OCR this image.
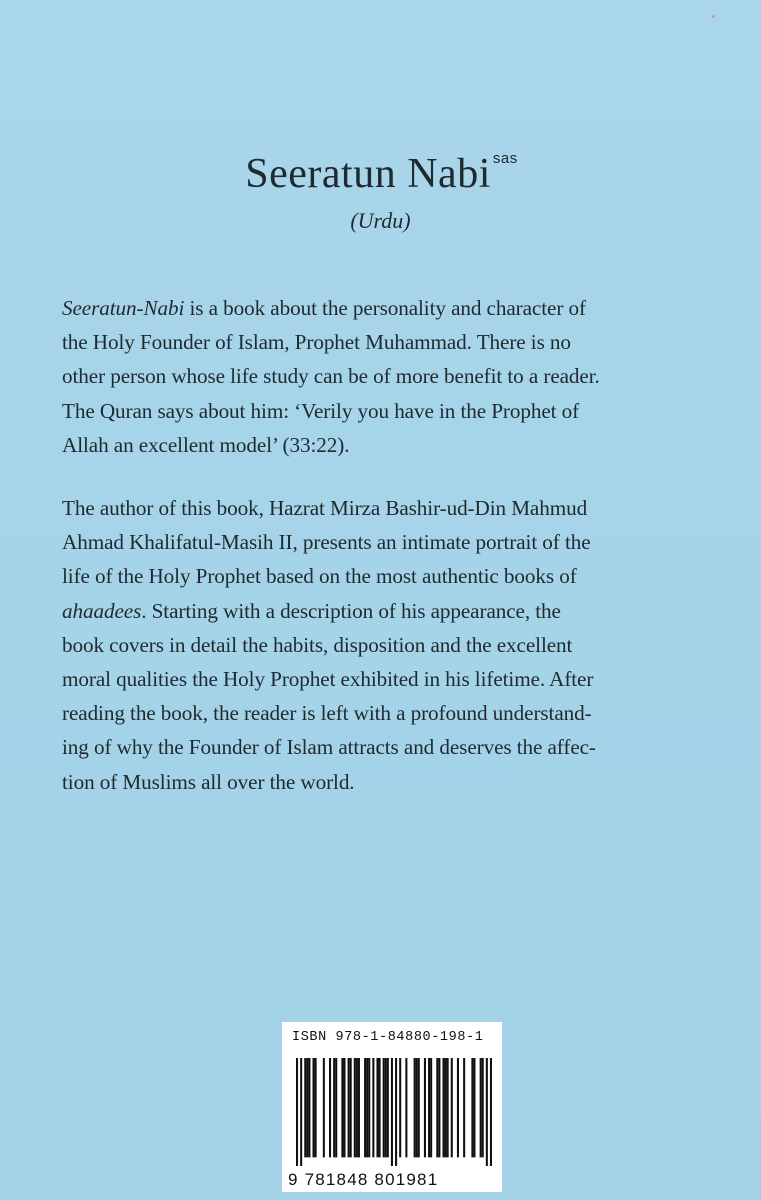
Seeratun Nabi $^{sas}$
(Urdu)
Seeratun-Nabi is a book about the personality and character of
the Holy Founder of Islam, Prophet Muhammad. There is no
other person whose life study can be of more benefit to a reader.
The Quran says about him: ‘Verily you have in the Prophet of
Allah an excellent model’ (33:22).
The author of this book, Hazrat Mirza Bashir-ud-Din Mahmud
Ahmad Khalifatul-Masih II, presents an intimate portrait of the
life of the Holy Prophet based on the most authentic books of
ahaadees. Starting with a description of his appearance, the
book covers in detail the habits, disposition and the excellent
moral qualities the Holy Prophet exhibited in his lifetime. After
reading the book, the reader is left with a profound understand-
ing of why the Founder of Islam attracts and deserves the affec-
tion of Muslims all over the world.
ISBN 978-1-84880-198-1
9 781848 801981
